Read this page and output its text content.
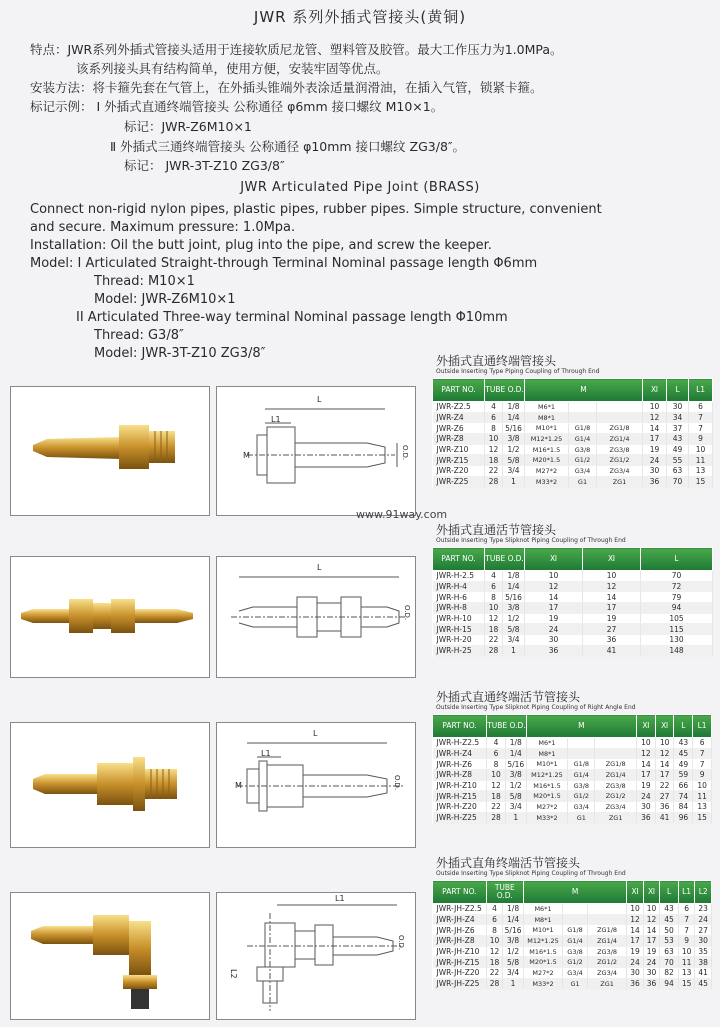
JWR 系列外插式管接头(黄铜)
特点：JWR系列外插式管接头适用于连接软质尼龙管、塑料管及胶管。最大工作压力为1.0MPa。
该系列接头具有结构简单，使用方便，安装牢固等优点。
安装方法：将卡箍先套在气管上，在外插头锥端外表涂适量润滑油，在插入气管，锁紧卡箍。
标记示例： Ⅰ 外插式直通终端管接头 公称通径 φ6mm 接口螺纹 M10×1。
标记：JWR-Z6M10×1
Ⅱ 外插式三通终端管接头 公称通径 φ10mm 接口螺纹 ZG3/8″。
标记： JWR-3T-Z10 ZG3/8″
JWR Articulated Pipe Joint (BRASS)
Connect non-rigid nylon pipes, plastic pipes, rubber pipes. Simple structure, convenient
and secure. Maximum pressure: 1.0Mpa.
Installation: Oil the butt joint, plug into the pipe, and screw the keeper.
Model: I Articulated Straight-through Terminal Nominal passage length Φ6mm
Thread: M10×1
Model: JWR-Z6M10×1
II Articulated Three-way terminal Nominal passage length Φ10mm
Thread: G3/8″
Model: JWR-3T-Z10 ZG3/8″
L
L1
M	O.D.
L
O.D.
L
L1
M	O.D.
L1
L2
O.D.
www.91way.com
外插式直通终端管接头
Outside Inserting Type Piping Coupling of Through End
PART NO.	TUBE O.D.		M			Ⅺ	L	L1
JWR-Z2.5	4	1/8	M6*1			10	30	6
JWR-Z4	6	1/4	M8*1			12	34	7
JWR-Z6	8	5/16	M10*1	G1/8	ZG1/8	14	37	7
JWR-Z8	10	3/8	M12*1.25	G1/4	ZG1/4	17	43	9
JWR-Z10	12	1/2	M16*1.5	G3/8	ZG3/8	19	49	10
JWR-Z15	18	5/8	M20*1.5	G1/2	ZG1/2	24	55	11
JWR-Z20	22	3/4	M27*2	G3/4	ZG3/4	30	63	13
JWR-Z25	28	1	M33*2	G1	ZG1	36	70	15
外插式直通活节管接头
Outside Inserting Type Slipknot Piping Coupling of Through End
PART NO.	TUBE O.D.		Ⅺ	Ⅺ	L
JWR-H-2.5	4	1/8	10	10	70
JWR-H-4	6	1/4	12	12	72
JWR-H-6	8	5/16	14	14	79
JWR-H-8	10	3/8	17	17	94
JWR-H-10	12	1/2	19	19	105
JWR-H-15	18	5/8	24	27	115
JWR-H-20	22	3/4	30	36	130
JWR-H-25	28	1	36	41	148
外插式直通终端活节管接头
Outside Inserting Type Slipknot Piping Coupling of Right Angle End
PART NO.	TUBE O.D.		M			Ⅺ	Ⅺ	L	L1
JWR-H-Z2.5	4	1/8	M6*1			10	10	43	6
JWR-H-Z4	6	1/4	M8*1			12	12	45	7
JWR-H-Z6	8	5/16	M10*1	G1/8	ZG1/8	14	14	49	7
JWR-H-Z8	10	3/8	M12*1.25	G1/4	ZG1/4	17	17	59	9
JWR-H-Z10	12	1/2	M16*1.5	G3/8	ZG3/8	19	22	66	10
JWR-H-Z15	18	5/8	M20*1.5	G1/2	ZG1/2	24	27	74	11
JWR-H-Z20	22	3/4	M27*2	G3/4	ZG3/4	30	36	84	13
JWR-H-Z25	28	1	M33*2	G1	ZG1	36	41	96	15
外插式直角终端活节管接头
Outside Inserting Type Slipknot Piping Coupling of Through End
PART NO.	TUBE O.D.		M			Ⅺ	Ⅺ	L	L1	L2
JWR-JH-Z2.5	4	1/8	M6*1			10	10	43	6	23
JWR-JH-Z4	6	1/4	M8*1			12	12	45	7	24
JWR-JH-Z6	8	5/16	M10*1	G1/8	ZG1/8	14	14	50	7	27
JWR-JH-Z8	10	3/8	M12*1.25	G1/4	ZG1/4	17	17	53	9	30
JWR-JH-Z10	12	1/2	M16*1.5	G3/8	ZG3/8	19	19	63	10	35
JWR-JH-Z15	18	5/8	M20*1.5	G1/2	ZG1/2	24	24	70	11	38
JWR-JH-Z20	22	3/4	M27*2	G3/4	ZG3/4	30	30	82	13	41
JWR-JH-Z25	28	1	M33*2	G1	ZG1	36	36	94	15	45
